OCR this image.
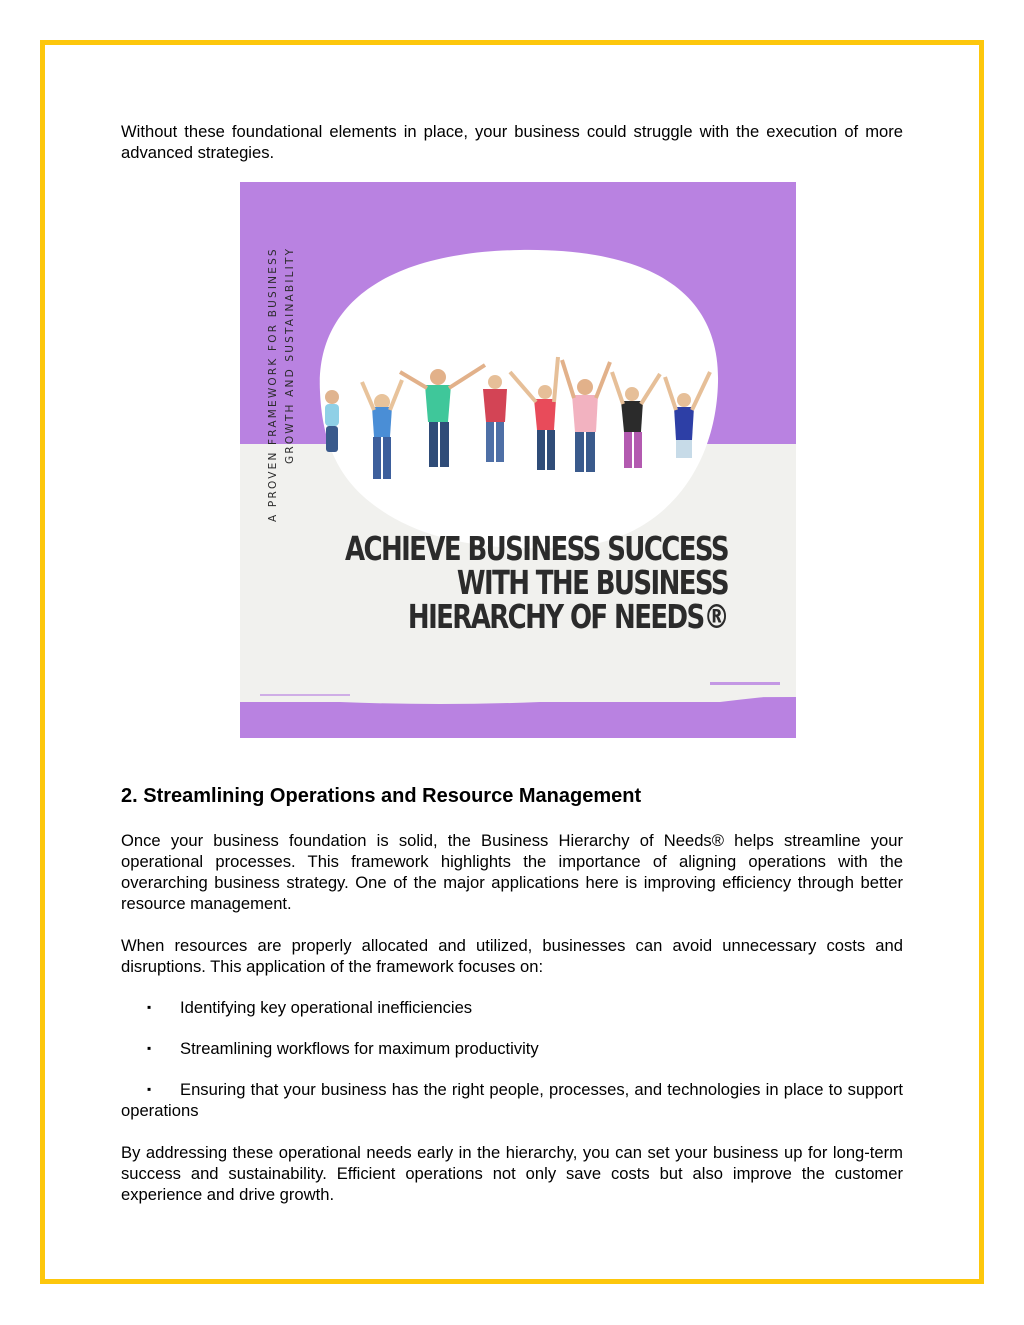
Without these foundational elements in place, your business could struggle with the execution of more advanced strategies.

A PROVEN FRAMEWORK FOR BUSINESS GROWTH AND SUSTAINABILITY
ACHIEVE BUSINESS SUCCESS
WITH THE BUSINESS
HIERARCHY OF NEEDS®
2. Streamlining Operations and Resource Management

Once your business foundation is solid, the Business Hierarchy of Needs® helps streamline your operational processes. This framework highlights the importance of aligning operations with the overarching business strategy. One of the major applications here is improving efficiency through better resource management.

When resources are properly allocated and utilized, businesses can avoid unnecessary costs and disruptions. This application of the framework focuses on:

▪ Identifying key operational inefficiencies
▪ Streamlining workflows for maximum productivity
▪ Ensuring that your business has the right people, processes, and technologies in place to support operations

By addressing these operational needs early in the hierarchy, you can set your business up for long-term success and sustainability. Efficient operations not only save costs but also improve the customer experience and drive growth.
